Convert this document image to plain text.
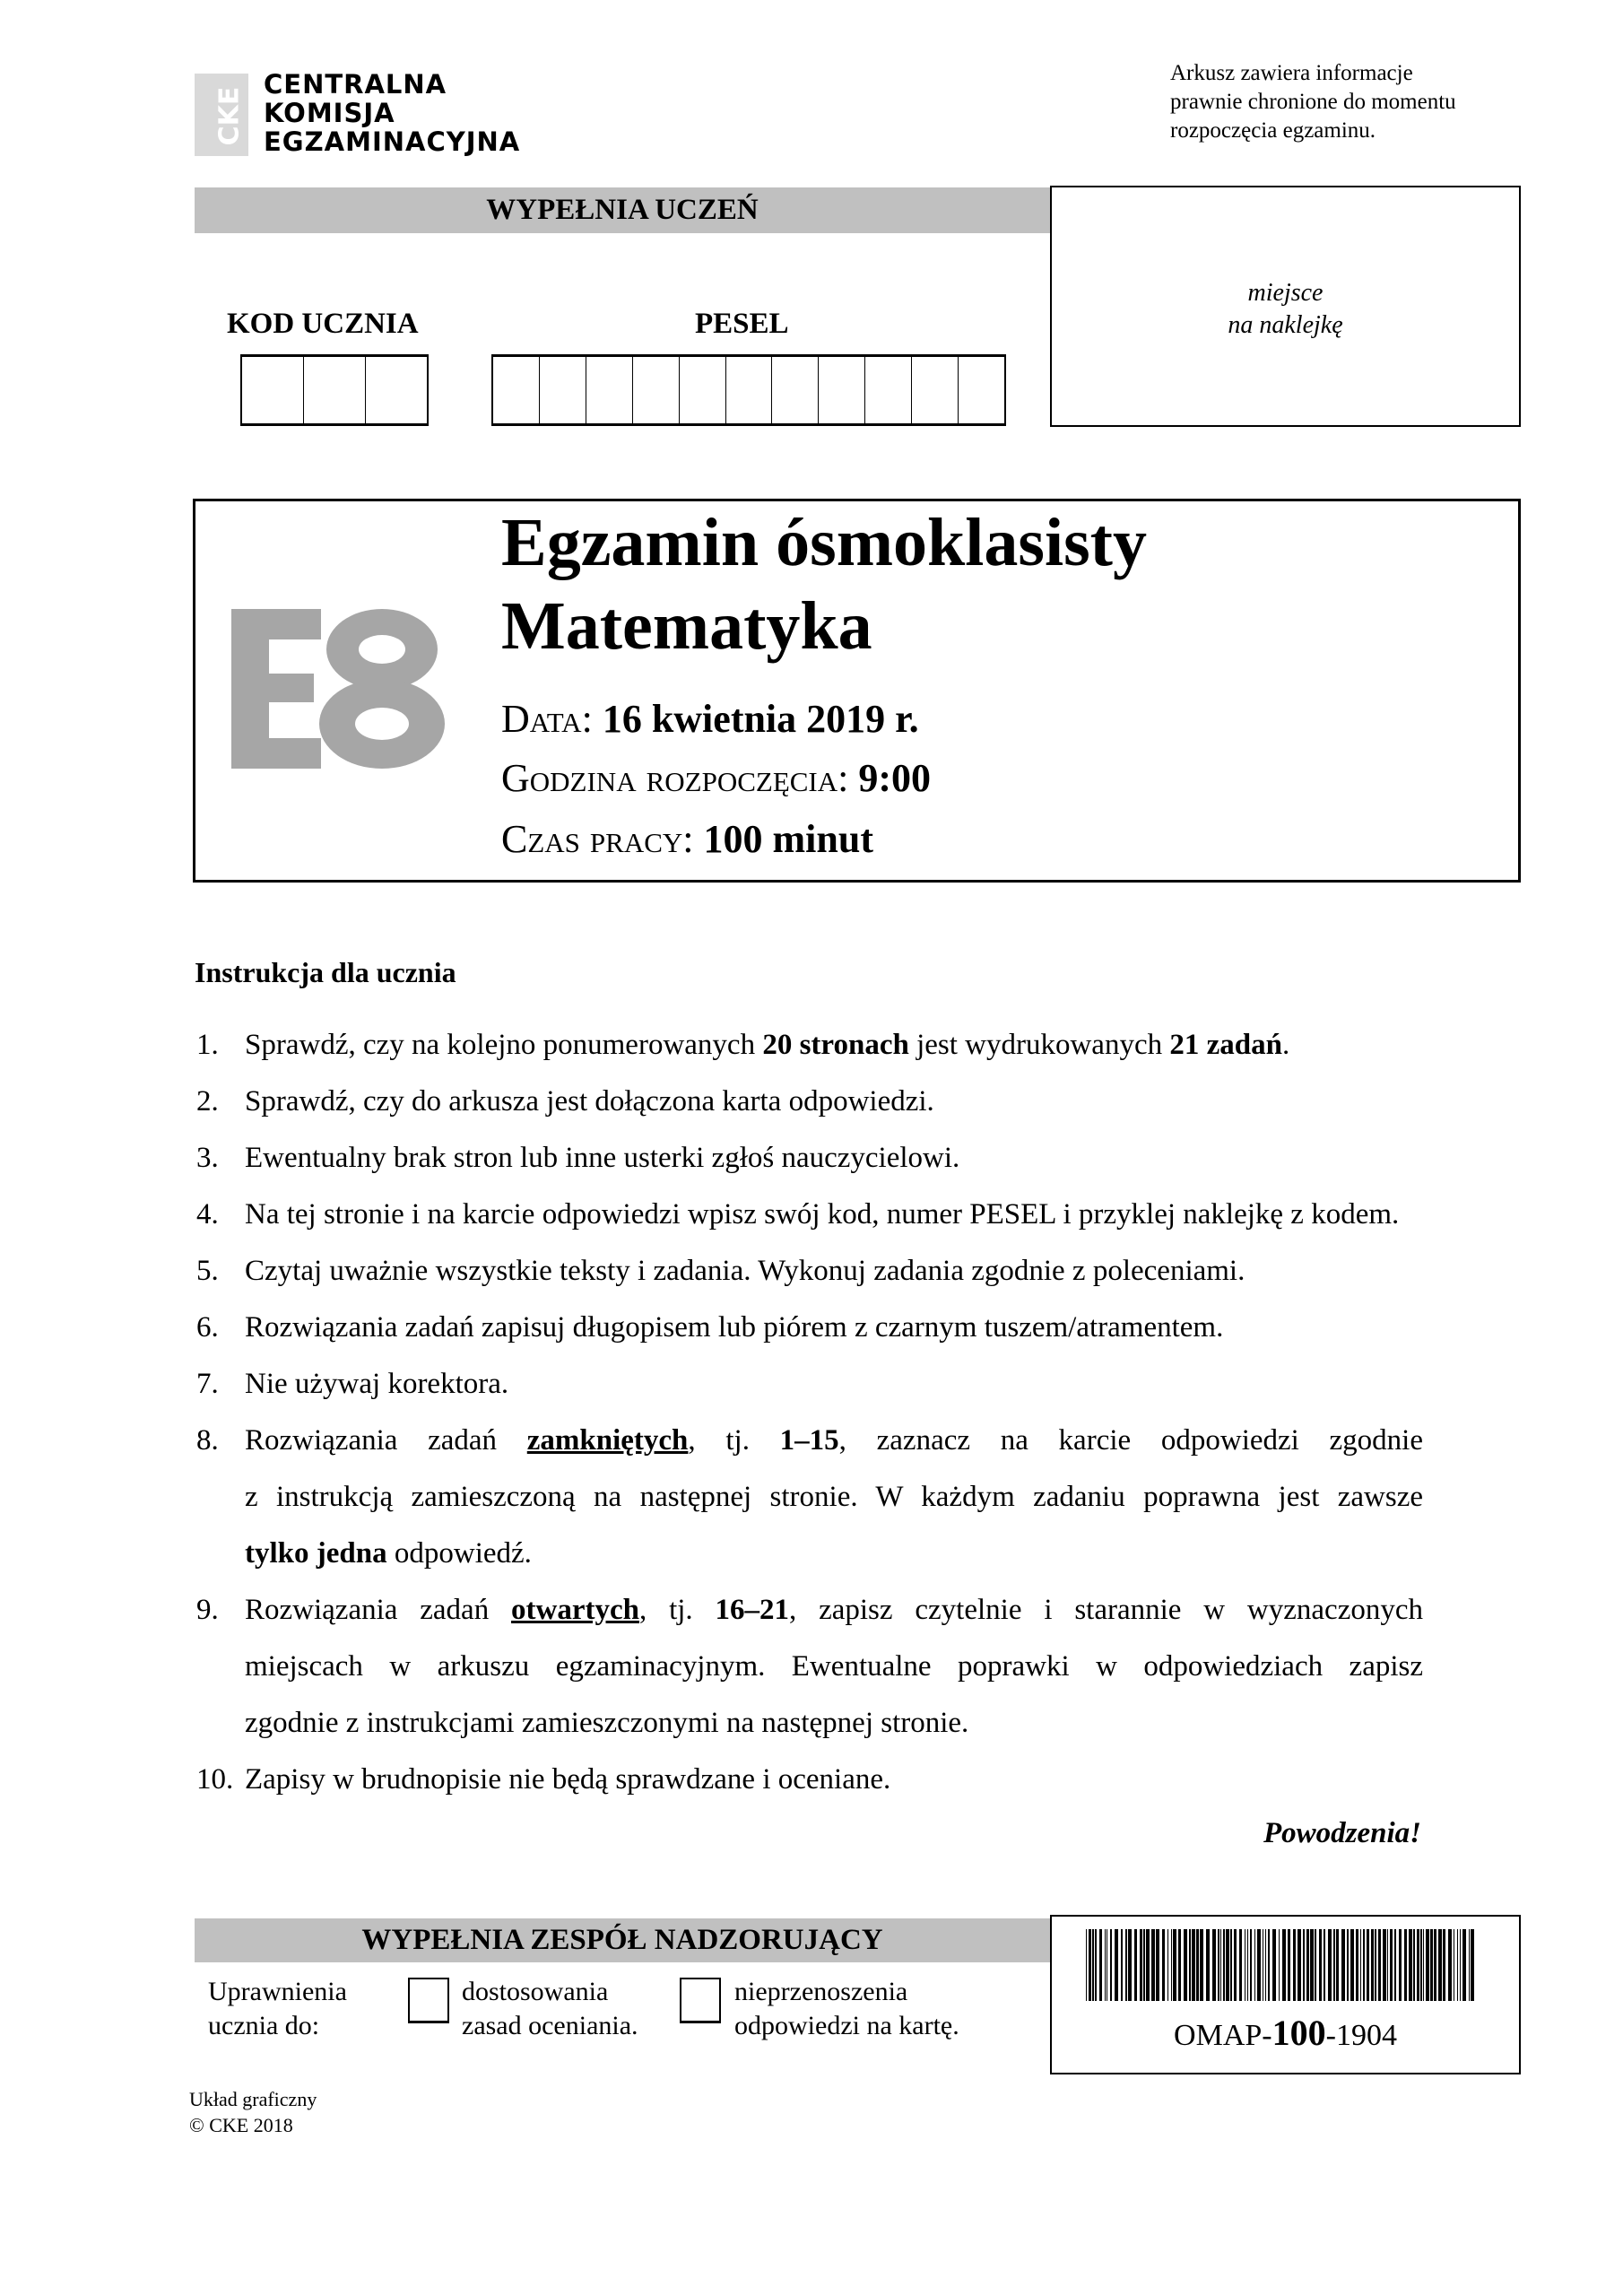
CKE
CENTRALNA
KOMISJA
EGZAMINACYJNA
Arkusz zawiera informacje
prawnie chronione do momentu
rozpoczęcia egzaminu.
WYPEŁNIA UCZEŃ
miejsce
na naklejkę
KOD UCZNIA	PESEL
Egzamin ósmoklasisty
Matematyka
Data: 16 kwietnia 2019 r.
Godzina rozpoczęcia: 9:00
Czas pracy: 100 minut
Instrukcja dla ucznia
1. Sprawdź, czy na kolejno ponumerowanych 20 stronach jest wydrukowanych 21 zadań.
2. Sprawdź, czy do arkusza jest dołączona karta odpowiedzi.
3. Ewentualny brak stron lub inne usterki zgłoś nauczycielowi.
4. Na tej stronie i na karcie odpowiedzi wpisz swój kod, numer PESEL i przyklej naklejkę z kodem.
5. Czytaj uważnie wszystkie teksty i zadania. Wykonuj zadania zgodnie z poleceniami.
6. Rozwiązania zadań zapisuj długopisem lub piórem z czarnym tuszem/atramentem.
7. Nie używaj korektora.
8. Rozwiązania zadań zamkniętych, tj. 1–15, zaznacz na karcie odpowiedzi zgodnie
z instrukcją zamieszczoną na następnej stronie. W każdym zadaniu poprawna jest zawsze
tylko jedna odpowiedź.
9. Rozwiązania zadań otwartych, tj. 16–21, zapisz czytelnie i starannie w wyznaczonych
miejscach w arkuszu egzaminacyjnym. Ewentualne poprawki w odpowiedziach zapisz
zgodnie z instrukcjami zamieszczonymi na następnej stronie.
10. Zapisy w brudnopisie nie będą sprawdzane i oceniane.
Powodzenia!
WYPEŁNIA ZESPÓŁ NADZORUJĄCY
Uprawnienia
ucznia do:
dostosowania
zasad oceniania.
nieprzenoszenia
odpowiedzi na kartę.	OMAP-100-1904
Układ graficzny
© CKE 2018
